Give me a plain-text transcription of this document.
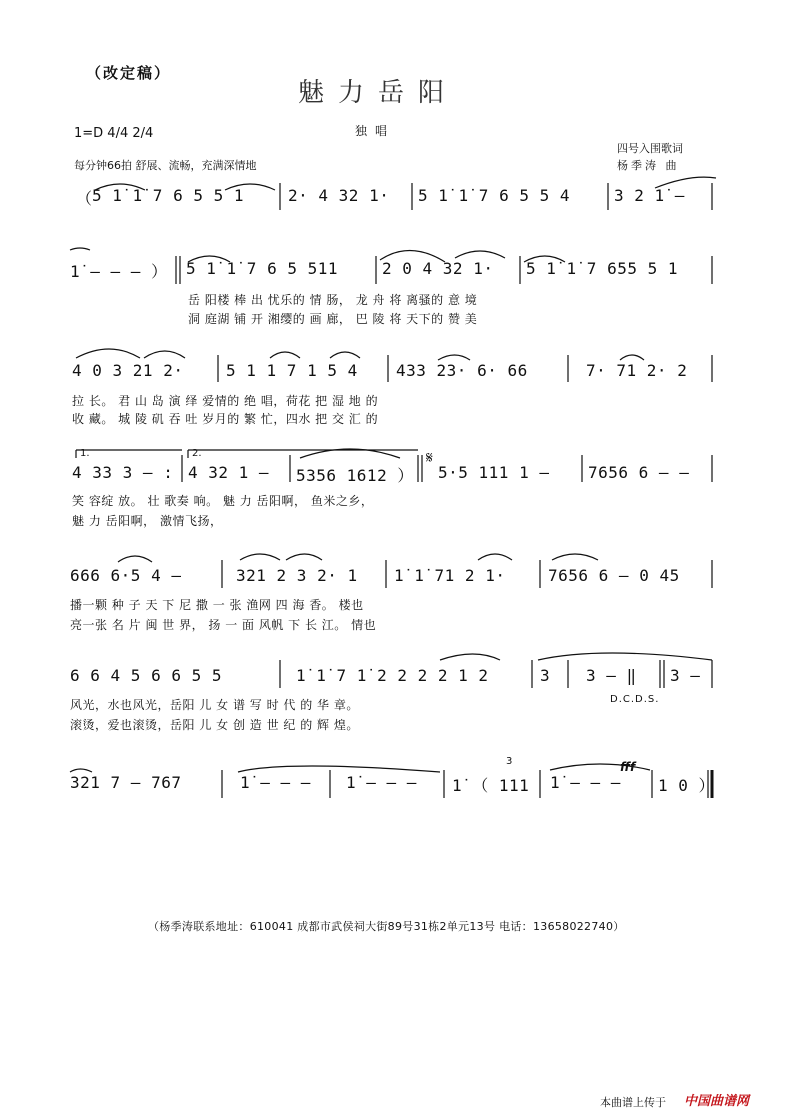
（改定稿）
魅力岳阳
独唱
1=D 4/4 2/4
每分钟66拍 舒展、流畅，充满深情地
四号入围歌词
杨季涛 曲
（ 5 1̇ 1̇ 7 6 5 5 1	2· 4 32 1· 5 1̇ 1̇ 7 6 5 5 4	3 2 1̇ –
1̇ – – – ） 5 1̇ 1̇ 7 6 5 511	2 0 4 32 1· 5 1̇ 1̇ 7 655 5 1
岳 阳楼 棒 出 忧乐的 情 肠， 龙 舟 将 离骚的 意 境
洞 庭湖 铺 开 湘缨的 画 廊， 巴 陵 将 天下的 赞 美
4 0 3 21 2·	5 1 1 7 1 5 4 433 23· 6· 66	7· 71 2· 2
拉 长。 君 山 岛 演 绎 爱情的 绝 唱，荷花 把 湿 地 的
收 藏。 城 陵 矶 吞 吐 岁月的 繁 忙，四水 把 交 汇 的
1.	2.	𝄋
4 33 3 – : 4 32 1 – 5356 1612 ） 5·5 111 1 – 7656 6 – –
笑 容绽 放。 壮 歌奏 响。 魅 力 岳阳啊， 鱼米之乡，
魅 力 岳阳啊， 激情飞扬，
666 6·5 4 –	321 2 3 2· 1 1̇ 1̇ 71 2 1·	7656 6 – 0 45
播一颗 种 子 天 下 尼 撒 一 张 渔网 四 海 香。 楼也
亮一张 名 片 闽 世 界， 扬 一 面 风帆 下 长 江。 情也
6 6 4 5 6 6 5 5	1̇ 1̇ 7 1̇ 2 2 2 2 1 2	3 3 – ‖ 3 –
D.C.D.S.
风光，水也风光，岳阳 儿 女 谱 写 时 代 的 华 章。
滚烫，爱也滚烫，岳阳 儿 女 创 造 世 纪 的 辉 煌。
3	fff
321 7 – 767	1̇ – – – 1̇ – – – 1̇ （ 111 1̇ – – – 1 0 ）
（杨季涛联系地址：610041 成都市武侯祠大街89号31栋2单元13号 电话：13658022740）
本曲谱上传于 中国曲谱网
